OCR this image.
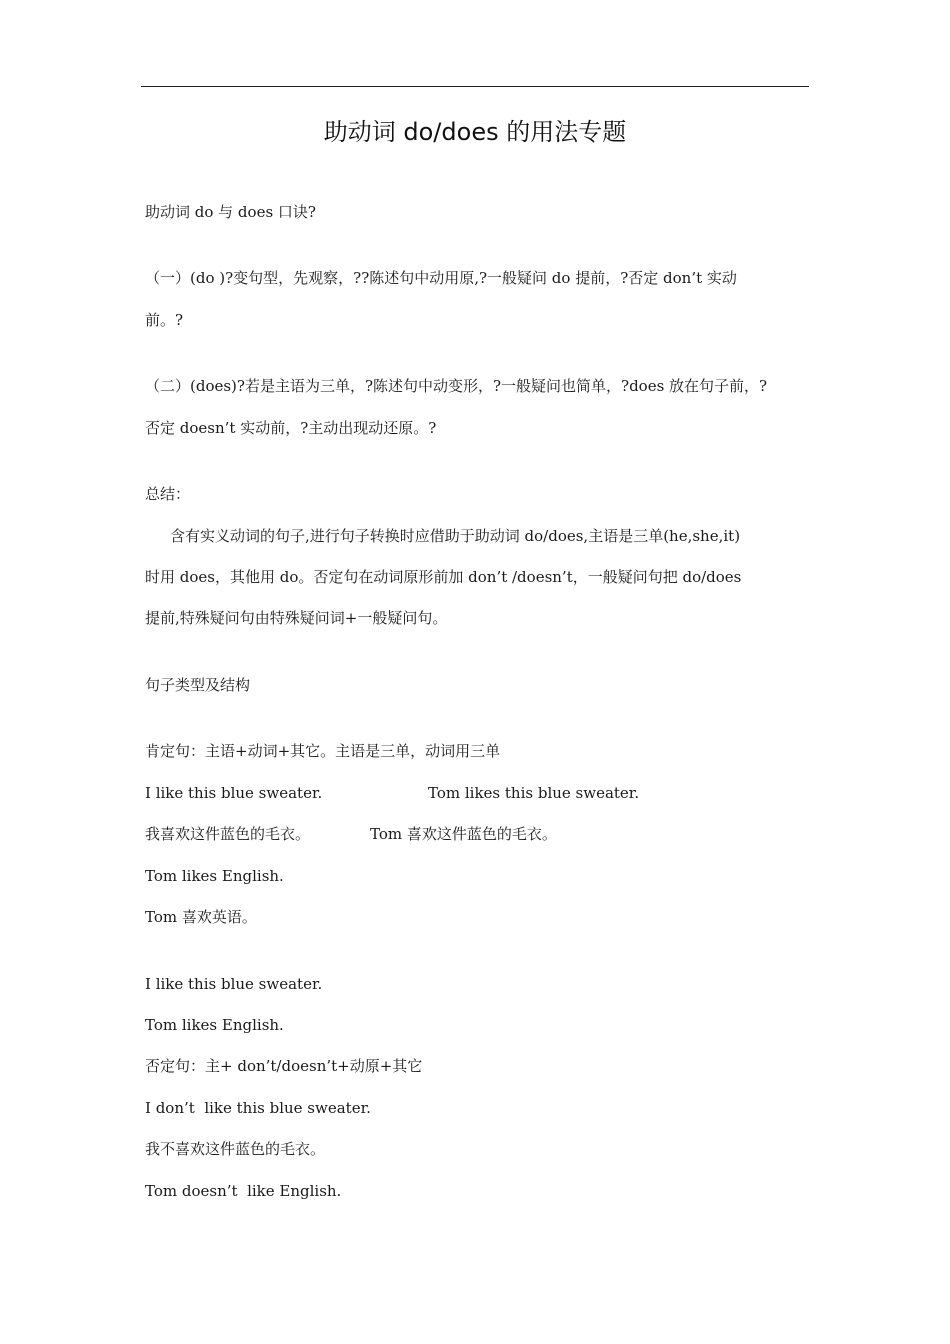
助动词 do/does 的用法专题
助动词 do 与 does 口诀?
（一）(do )?变句型，先观察，??陈述句中动用原,?一般疑问 do 提前，?否定 don’t 实动
前。?
（二）(does)?若是主语为三单，?陈述句中动变形，?一般疑问也简单，?does 放在句子前，?
否定 doesn’t 实动前，?主动出现动还原。?
总结：
含有实义动词的句子,进行句子转换时应借助于助动词 do/does,主语是三单(he,she,it)
时用 does，其他用 do。否定句在动词原形前加 don’t /doesn’t，一般疑问句把 do/does
提前,特殊疑问句由特殊疑问词+一般疑问句。
句子类型及结构
肯定句：主语+动词+其它。主语是三单，动词用三单
I like this blue sweater.	Tom likes this blue sweater.
我喜欢这件蓝色的毛衣。	Tom 喜欢这件蓝色的毛衣。
Tom likes English.
Tom 喜欢英语。
I like this blue sweater.
Tom likes English.
否定句：主+ don’t/doesn’t+动原+其它
I don’t  like this blue sweater.
我不喜欢这件蓝色的毛衣。
Tom doesn’t  like English.
